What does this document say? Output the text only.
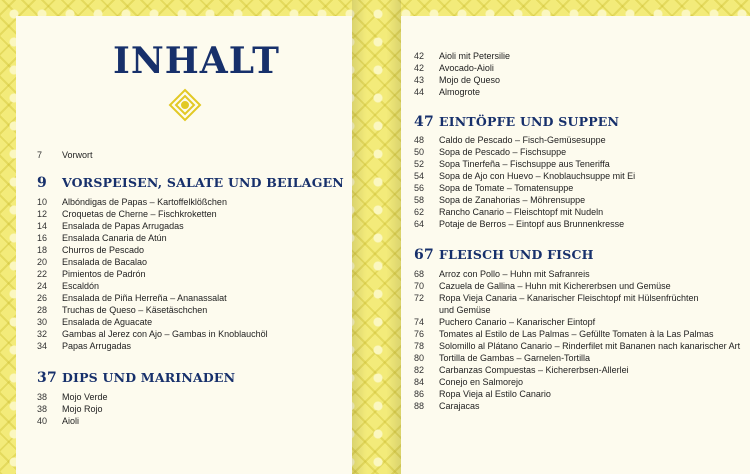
INHALT
7	Vorwort
9	VORSPEISEN, SALATE UND BEILAGEN
10	Albóndigas de Papas – Kartoffelklößchen
12	Croquetas de Cherne – Fischkroketten
14	Ensalada de Papas Arrugadas
16	Ensalada Canaria de Atún
18	Churros de Pescado
20	Ensalada de Bacalao
22	Pimientos de Padrón
24	Escaldón
26	Ensalada de Piña Herreña – Ananassalat
28	Truchas de Queso – Käsetäschchen
30	Ensalada de Aguacate
32	Gambas al Jerez con Ajo – Gambas in Knoblauchöl
34	Papas Arrugadas
37 DIPS UND MARINADEN
38	Mojo Verde
38	Mojo Rojo
40	Aioli
42	Aioli mit Petersilie
42	Avocado-Aioli
43	Mojo de Queso
44	Almogrote
47 EINTÖPFE UND SUPPEN
48	Caldo de Pescado – Fisch-Gemüsesuppe
50	Sopa de Pescado – Fischsuppe
52	Sopa Tinerfeña – Fischsuppe aus Teneriffa
54	Sopa de Ajo con Huevo – Knoblauchsuppe mit Ei
56	Sopa de Tomate – Tomatensuppe
58	Sopa de Zanahorias – Möhrensuppe
62	Rancho Canario – Fleischtopf mit Nudeln
64	Potaje de Berros – Eintopf aus Brunnenkresse
67 FLEISCH UND FISCH
68	Arroz con Pollo – Huhn mit Safranreis
70	Cazuela de Gallina – Huhn mit Kichererbsen und Gemüse
72	Ropa Vieja Canaria – Kanarischer Fleischtopf mit Hülsenfrüchten
und Gemüse
74	Puchero Canario – Kanarischer Eintopf
76	Tomates al Estilo de Las Palmas – Gefüllte Tomaten à la Las Palmas
78	Solomillo al Plátano Canario – Rinderfilet mit Bananen nach kanarischer Art
80	Tortilla de Gambas – Garnelen-Tortilla
82	Carbanzas Compuestas – Kichererbsen-Allerlei
84	Conejo en Salmorejo
86	Ropa Vieja al Estilo Canario
88	Carajacas
